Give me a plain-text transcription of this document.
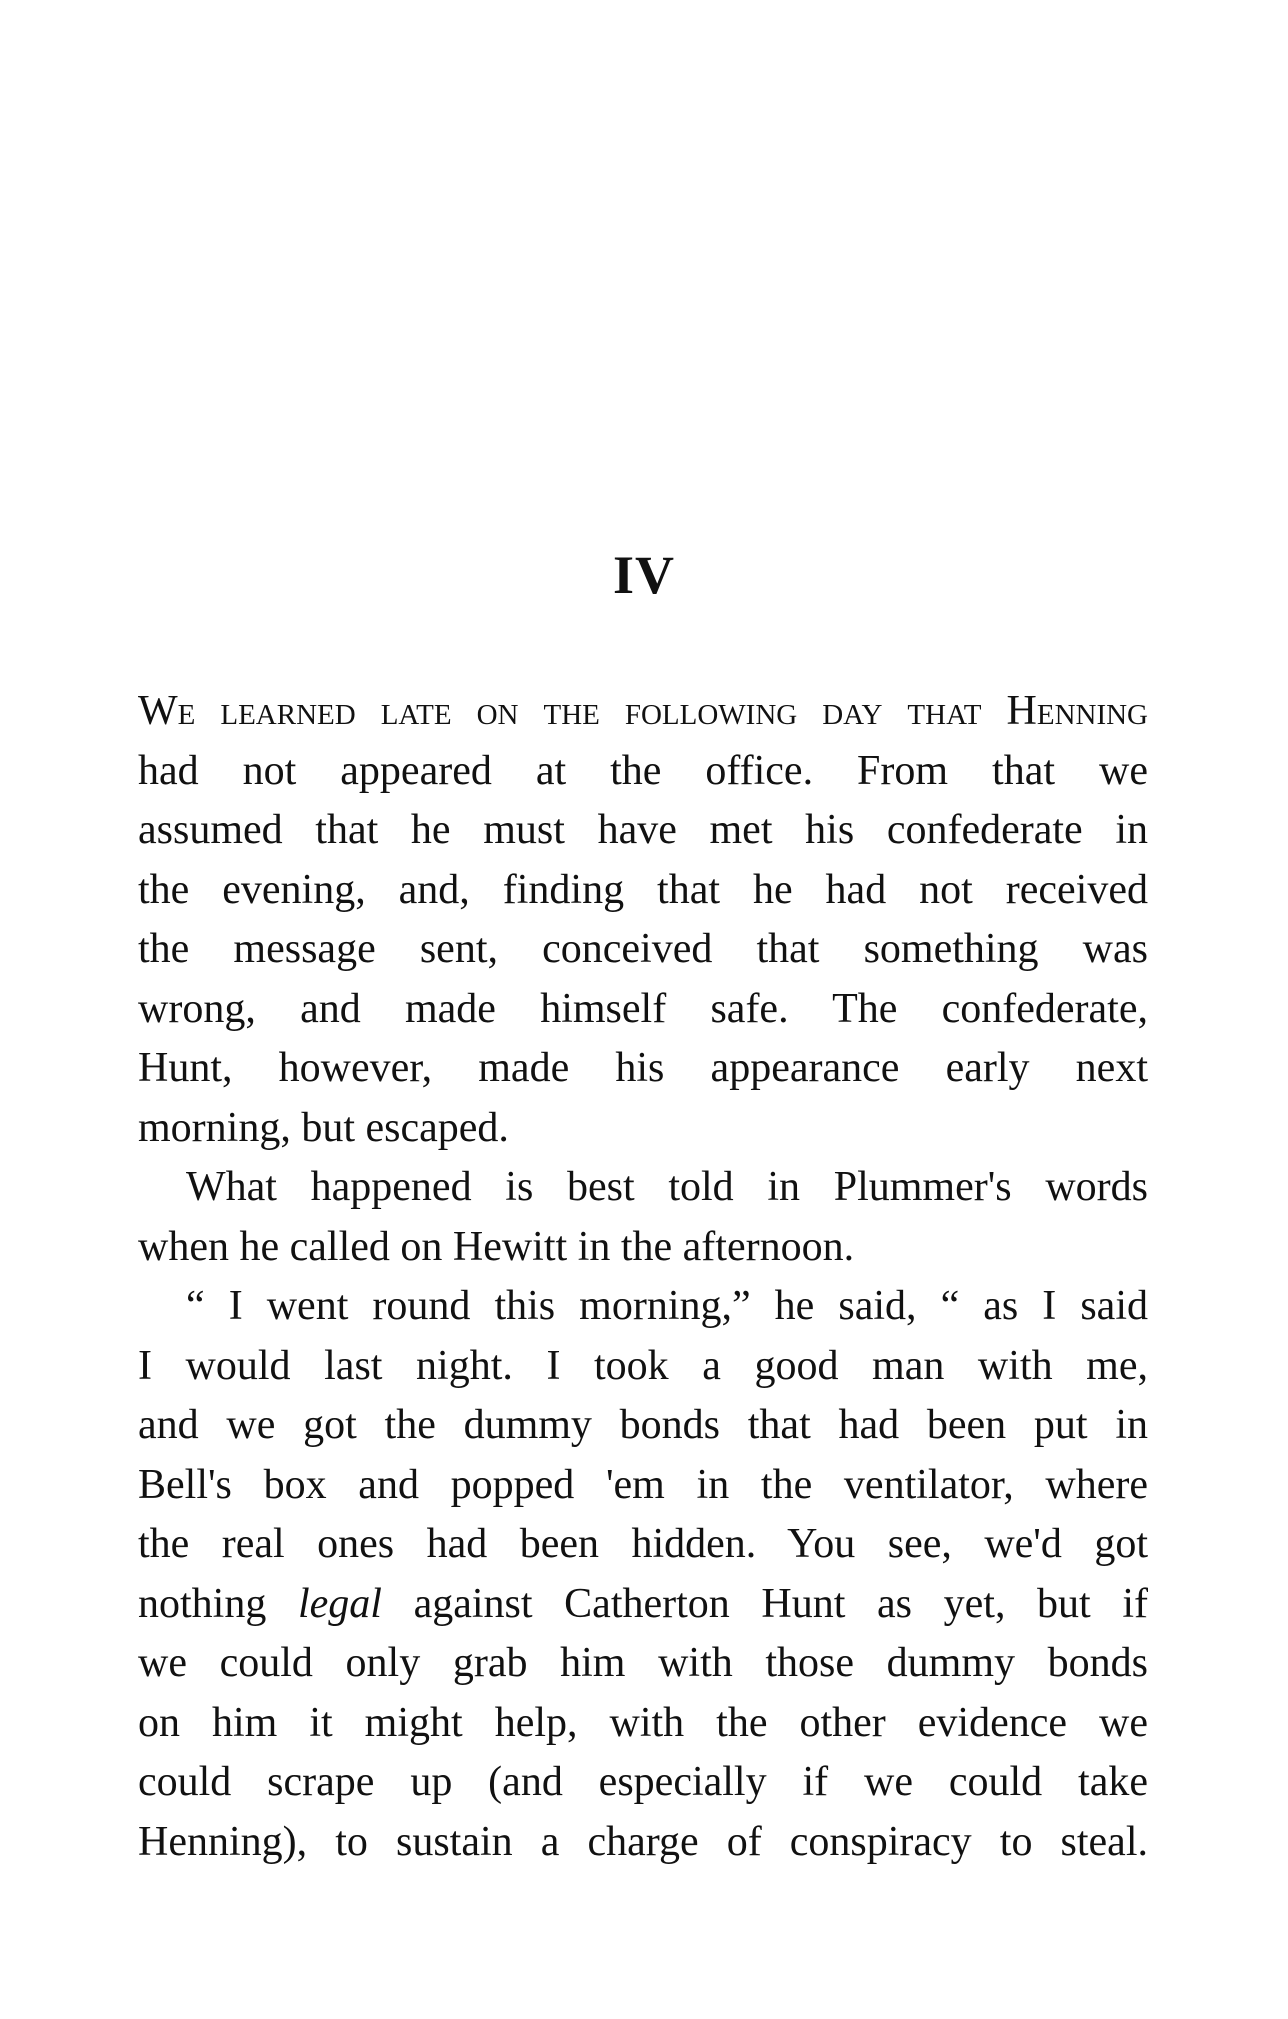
IV
We learned late on the following day that Henning
had not appeared at the office. From that we
assumed that he must have met his confederate in
the evening, and, finding that he had not received
the message sent, conceived that something was
wrong, and made himself safe. The confederate,
Hunt, however, made his appearance early next
morning, but escaped.
What happened is best told in Plummer's words
when he called on Hewitt in the afternoon.
“ I went round this morning,” he said, “ as I said
I would last night. I took a good man with me,
and we got the dummy bonds that had been put in
Bell's box and popped 'em in the ventilator, where
the real ones had been hidden. You see, we'd got
nothing legal against Catherton Hunt as yet, but if
we could only grab him with those dummy bonds
on him it might help, with the other evidence we
could scrape up (and especially if we could take
Henning), to sustain a charge of conspiracy to steal.
